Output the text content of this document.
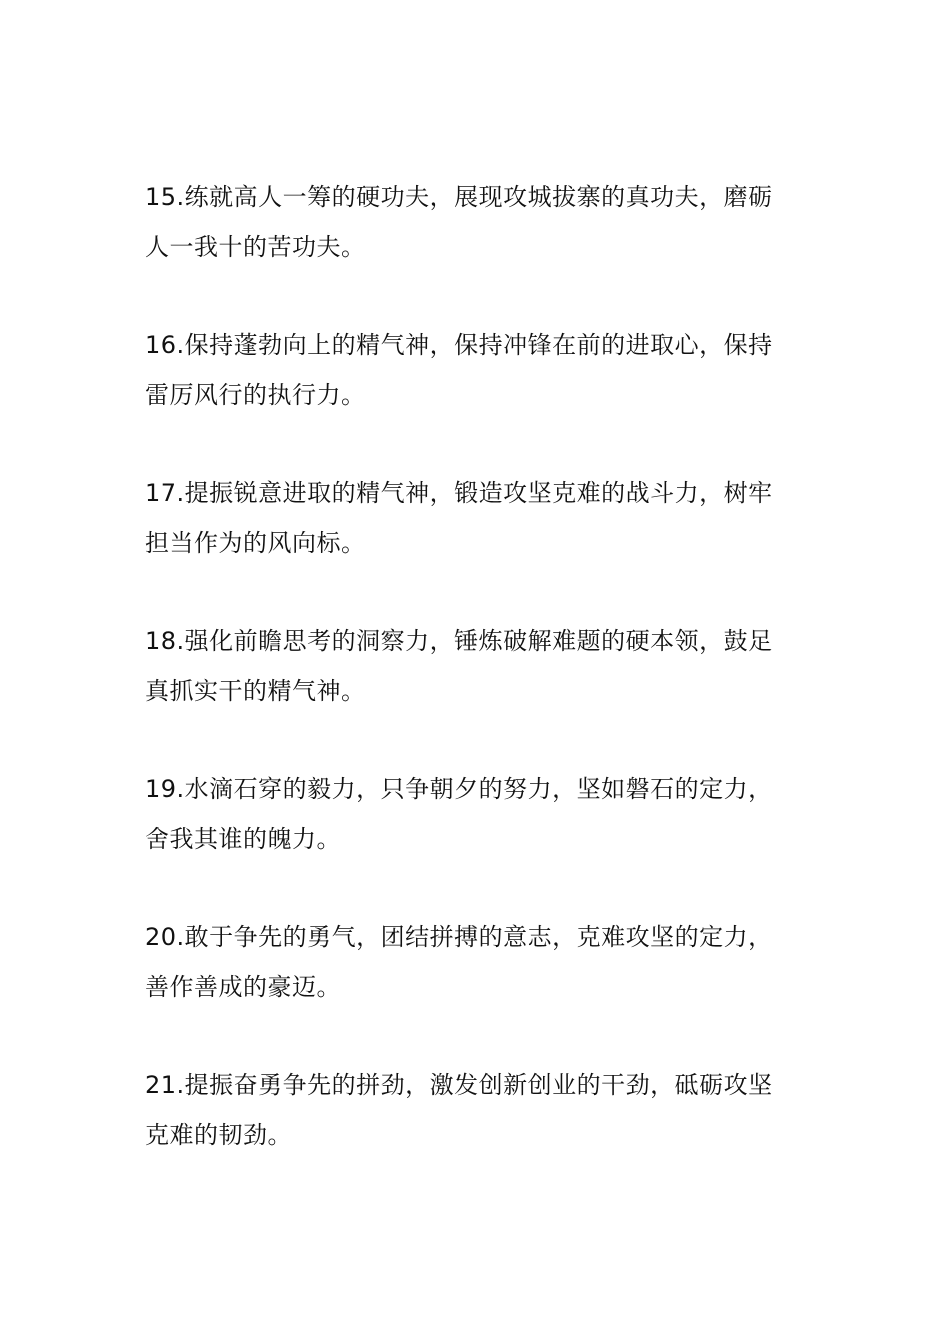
15.练就高人一筹的硬功夫，展现攻城拔寨的真功夫，磨砺
人一我十的苦功夫。

16.保持蓬勃向上的精气神，保持冲锋在前的进取心，保持
雷厉风行的执行力。

17.提振锐意进取的精气神，锻造攻坚克难的战斗力，树牢
担当作为的风向标。

18.强化前瞻思考的洞察力，锤炼破解难题的硬本领，鼓足
真抓实干的精气神。

19.水滴石穿的毅力，只争朝夕的努力，坚如磐石的定力，
舍我其谁的魄力。

20.敢于争先的勇气，团结拼搏的意志，克难攻坚的定力，
善作善成的豪迈。

21.提振奋勇争先的拼劲，激发创新创业的干劲，砥砺攻坚
克难的韧劲。
